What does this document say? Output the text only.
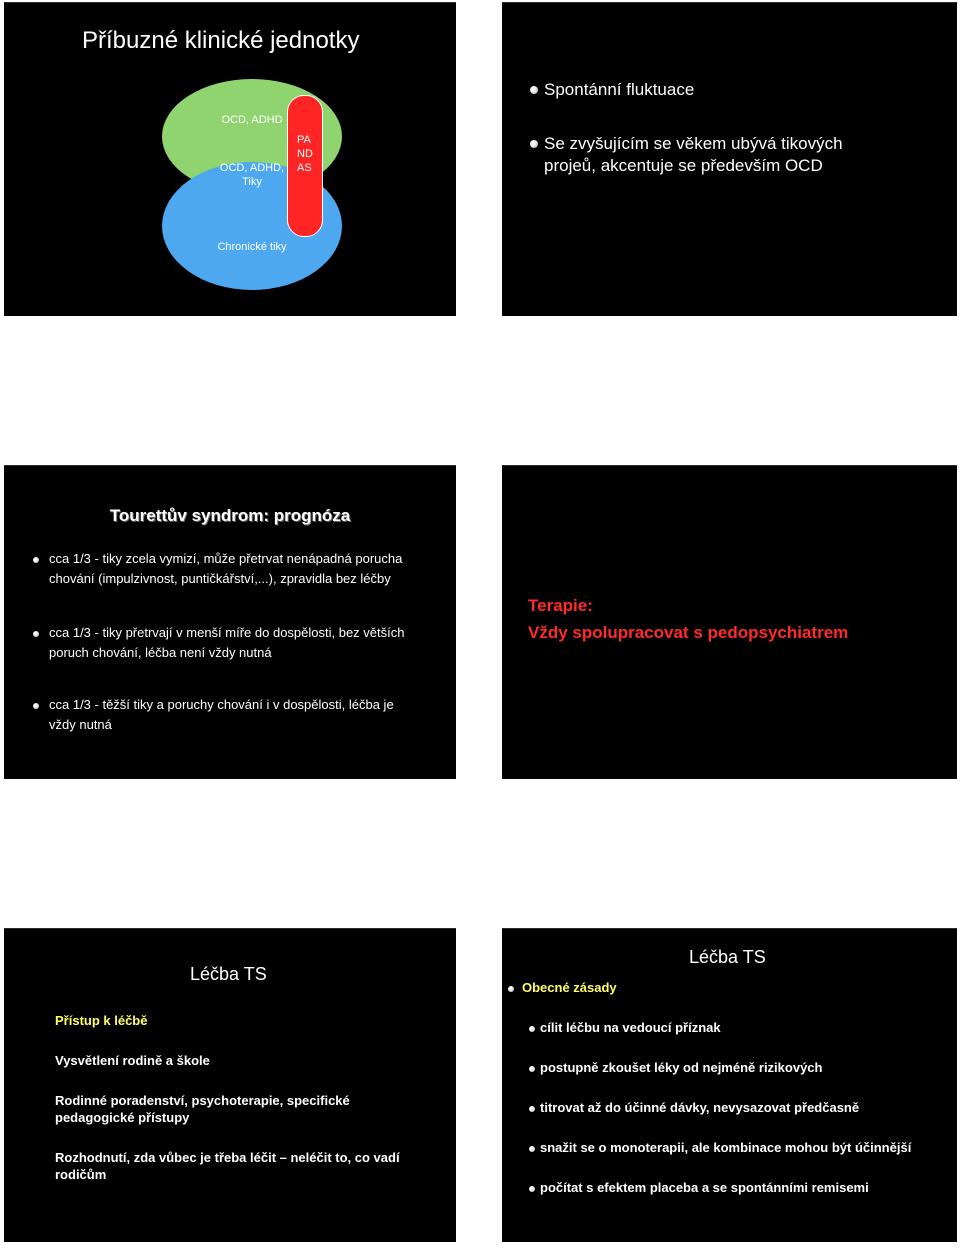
Příbuzné klinické jednotky
OCD, ADHD
OCD, ADHD,
Tiky
PANDAS
Chronické tiky
Spontánní fluktuace
Se zvyšujícím se věkem ubývá tikových
projeů, akcentuje se především OCD
Tourettův syndrom: prognóza
cca 1/3 - tiky zcela vymizí, může přetrvat nenápadná porucha
chování (impulzivnost, puntičkářství,...), zpravidla bez léčby
cca 1/3 - tiky přetrvají v menší míře do dospělosti, bez větších
poruch chování, léčba není vždy nutná
cca 1/3 - těžší tiky a poruchy chování i v dospělosti, léčba je
vždy nutná
Terapie:
Vždy spolupracovat s pedopsychiatrem
Léčba TS
Přístup k léčbě
Vysvětlení rodině a škole
Rodinné poradenství, psychoterapie, specifické
pedagogické přístupy
Rozhodnutí, zda vůbec je třeba léčit – neléčit to, co vadí
rodičům
Léčba TS
Obecné zásady
cílit léčbu na vedoucí příznak
postupně zkoušet léky od nejméně rizikových
titrovat až do účinné dávky, nevysazovat předčasně
snažit se o monoterapii, ale kombinace mohou být účinnější
počítat s efektem placeba a se spontánními remisemi
